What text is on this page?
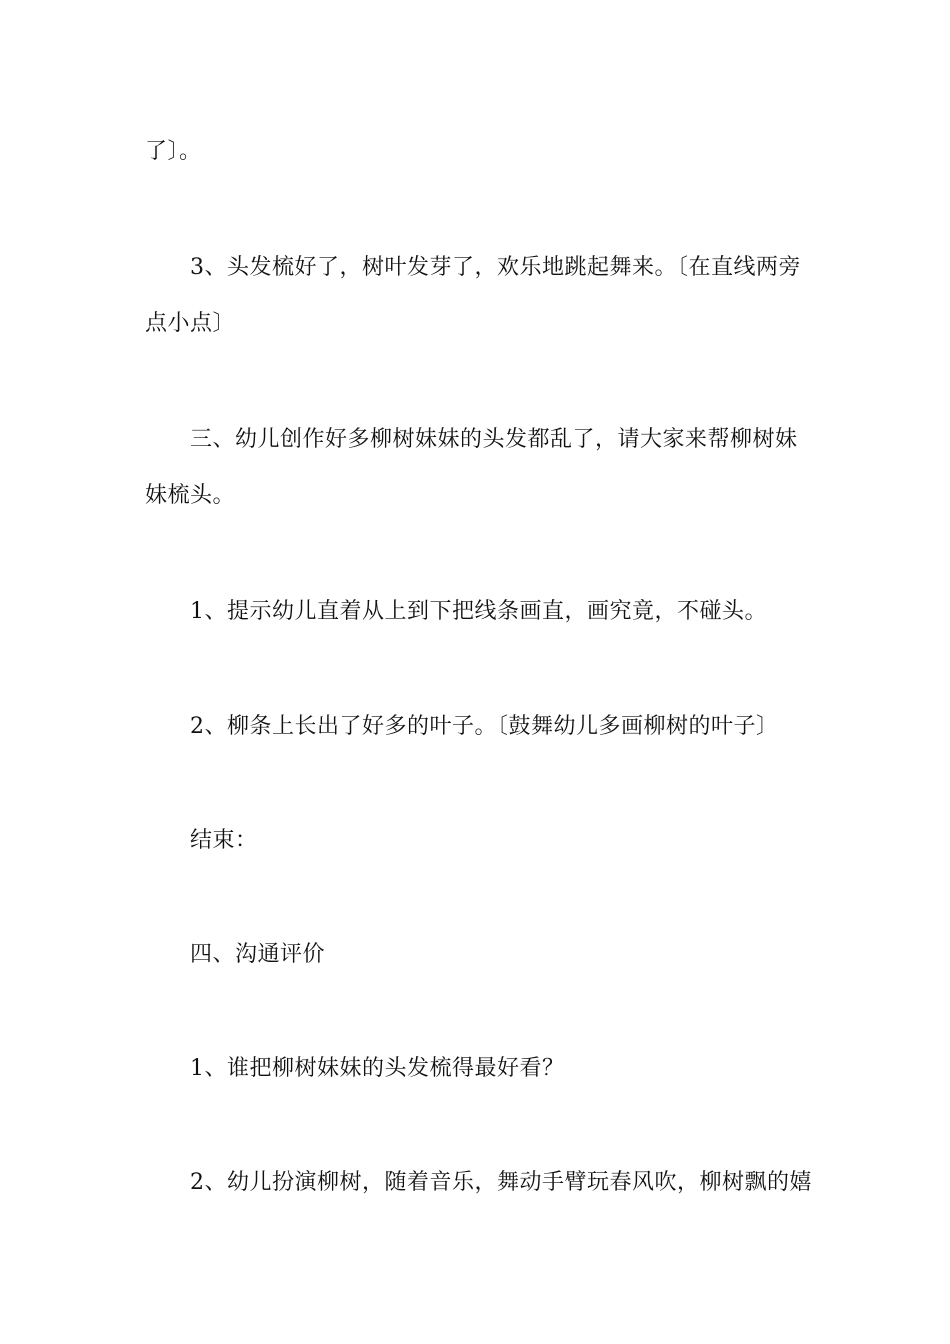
了〕。
3、头发梳好了，树叶发芽了，欢乐地跳起舞来。〔在直线两旁
点小点〕
三、幼儿创作好多柳树妹妹的头发都乱了，请大家来帮柳树妹
妹梳头。
1、提示幼儿直着从上到下把线条画直，画究竟，不碰头。
2、柳条上长出了好多的叶子。〔鼓舞幼儿多画柳树的叶子〕
结束：
四、沟通评价
1、谁把柳树妹妹的头发梳得最好看？
2、幼儿扮演柳树，随着音乐，舞动手臂玩春风吹，柳树飘的嬉
